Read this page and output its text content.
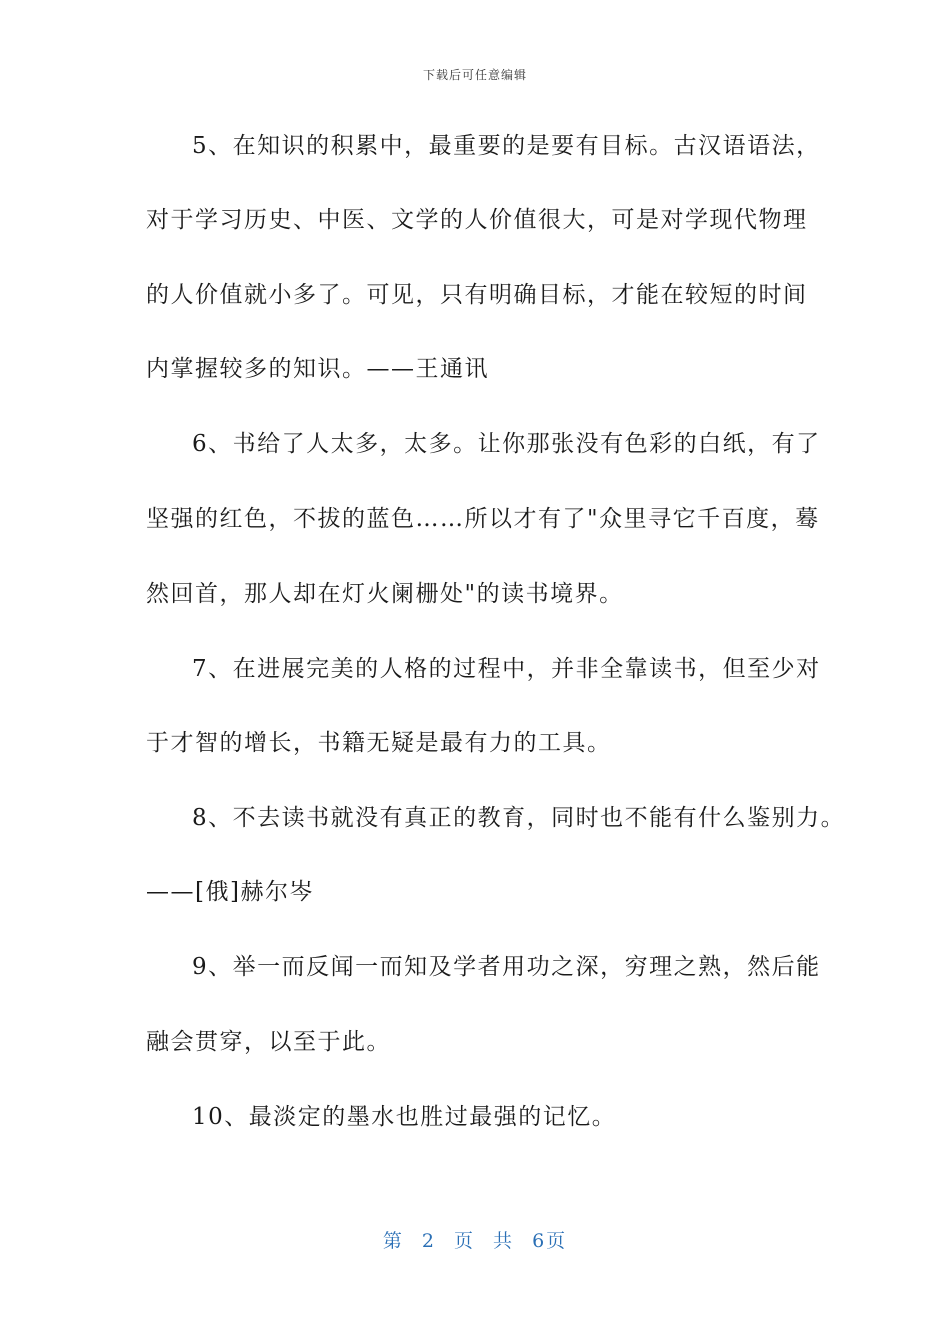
下载后可任意编辑
5、在知识的积累中，最重要的是要有目标。古汉语语法，
对于学习历史、中医、文学的人价值很大，可是对学现代物理
的人价值就小多了。可见，只有明确目标，才能在较短的时间
内掌握较多的知识。——王通讯
6、书给了人太多，太多。让你那张没有色彩的白纸，有了
坚强的红色，不拔的蓝色……所以才有了"众里寻它千百度，蓦
然回首，那人却在灯火阑栅处"的读书境界。
7、在进展完美的人格的过程中，并非全靠读书，但至少对
于才智的增长，书籍无疑是最有力的工具。
8、不去读书就没有真正的教育，同时也不能有什么鉴别力。
——[俄]赫尔岑
9、举一而反闻一而知及学者用功之深，穷理之熟，然后能
融会贯穿，以至于此。
10、最淡定的墨水也胜过最强的记忆。
第 2 页 共 6页
